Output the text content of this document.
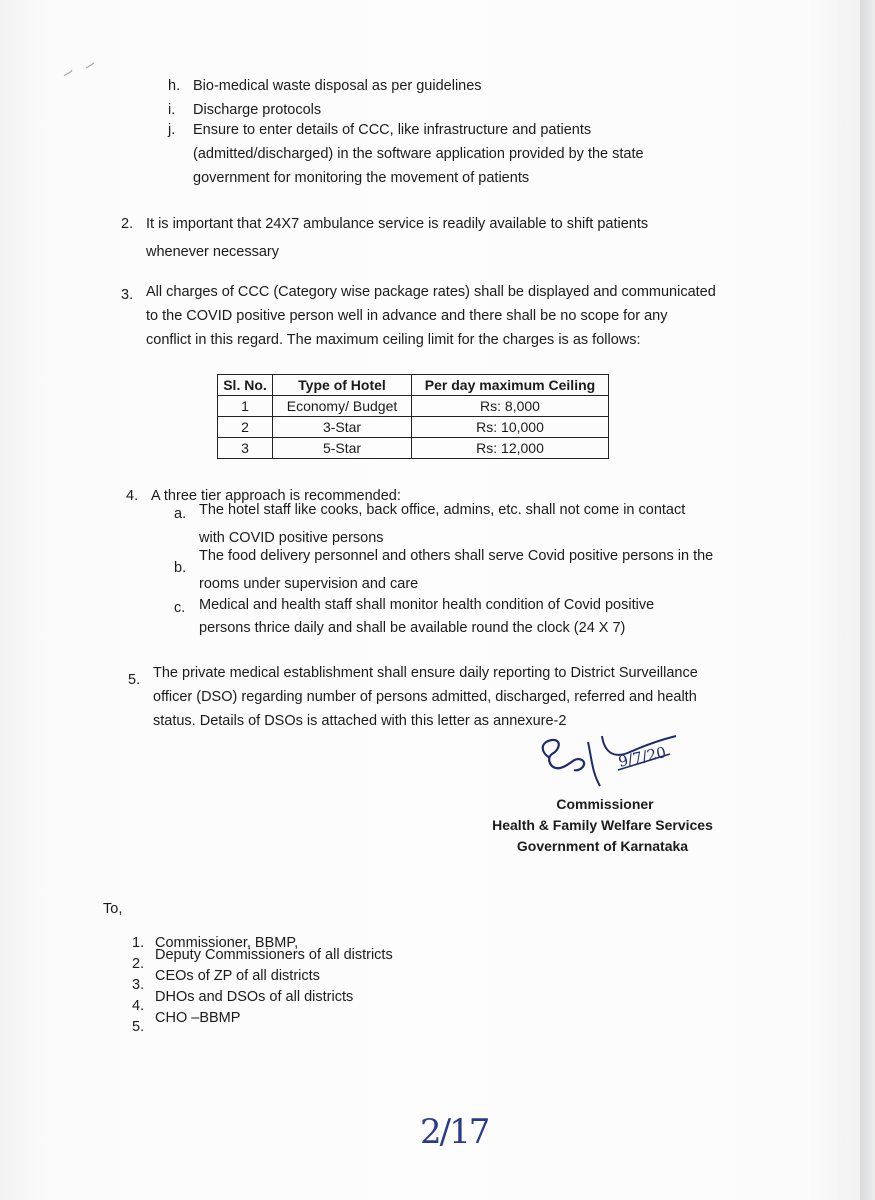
h. Bio-medical waste disposal as per guidelines
i. Discharge protocols
j. Ensure to enter details of CCC, like infrastructure and patients
(admitted/discharged) in the software application provided by the state
government for monitoring the movement of patients
2. It is important that 24X7 ambulance service is readily available to shift patients
whenever necessary
3. All charges of CCC (Category wise package rates) shall be displayed and communicated
to the COVID positive person well in advance and there shall be no scope for any
conflict in this regard. The maximum ceiling limit for the charges is as follows:
Sl. No.	Type of Hotel	Per day maximum Ceiling
1	Economy/ Budget	Rs: 8,000
2	3-Star	Rs: 10,000
3	5-Star	Rs: 12,000
4. A three tier approach is recommended:
a. The hotel staff like cooks, back office, admins, etc. shall not come in contact
with COVID positive persons
b.
The food delivery personnel and others shall serve Covid positive persons in the
rooms under supervision and care
c. Medical and health staff shall monitor health condition of Covid positive
persons thrice daily and shall be available round the clock (24 X 7)
5. The private medical establishment shall ensure daily reporting to District Surveillance
officer (DSO) regarding number of persons admitted, discharged, referred and health
status. Details of DSOs is attached with this letter as annexure-2
9/7/20
Commissioner
Health & Family Welfare Services
Government of Karnataka
To,
1. Commissioner, BBMP,
2.
Deputy Commissioners of all districts
3.
CEOs of ZP of all districts
4.
DHOs and DSOs of all districts
5.
CHO –BBMP
2/17
